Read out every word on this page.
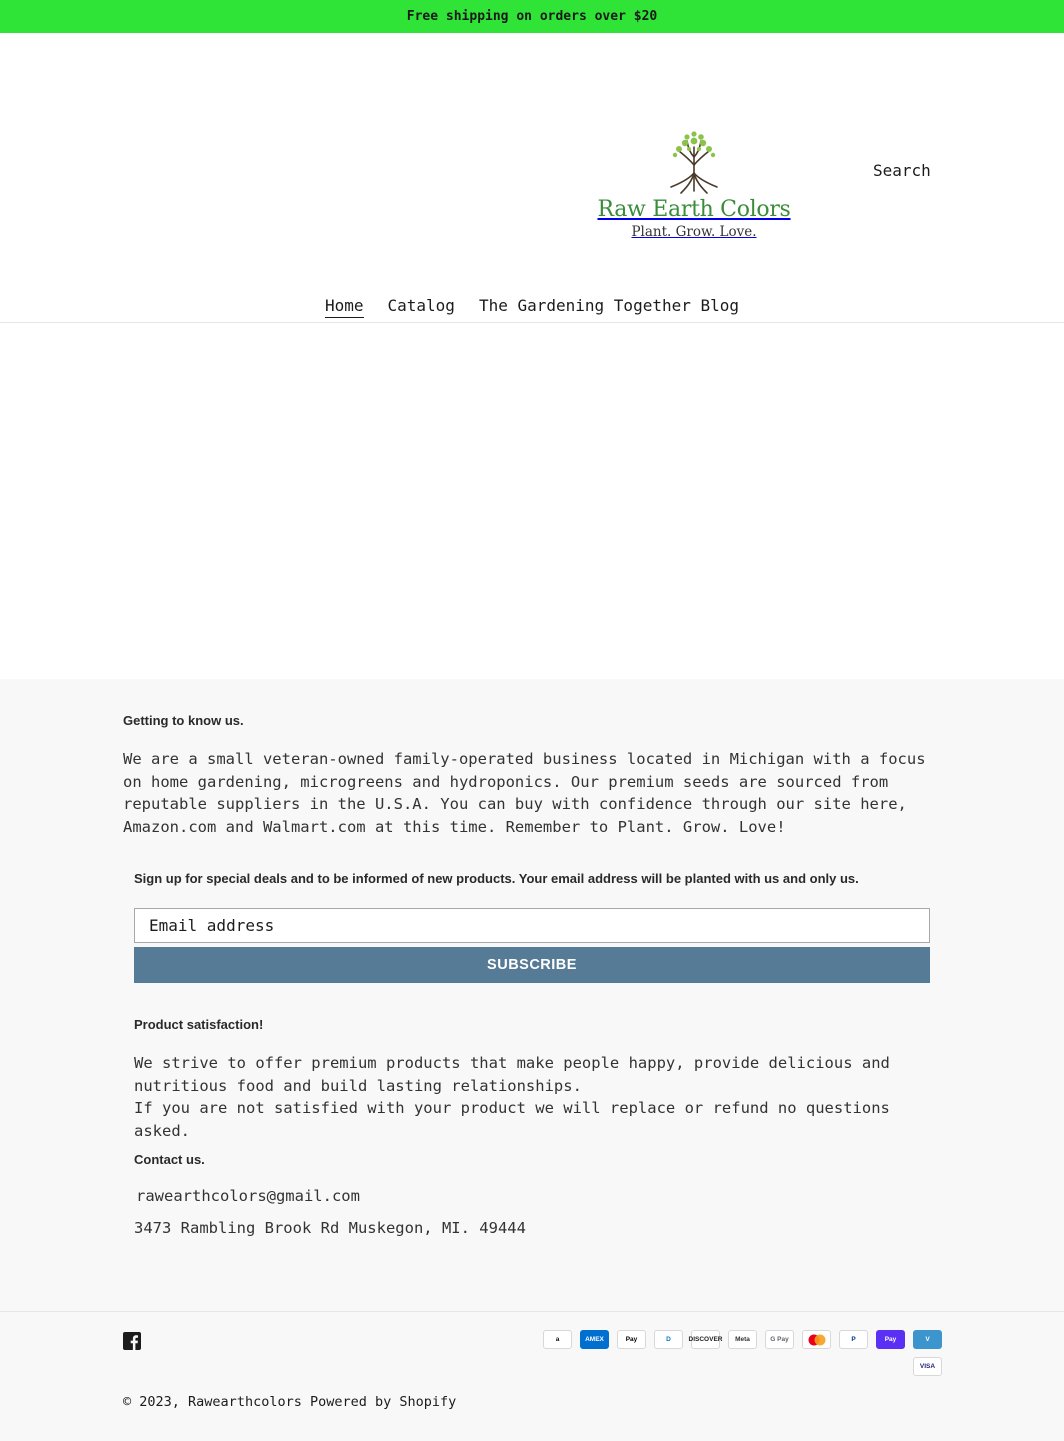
Free shipping on orders over $20
Raw Earth Colors
Plant. Grow. Love.
Search
Home Catalog The Gardening Together Blog
Getting to know us.

We are a small veteran-owned family-operated business located in Michigan with a focus on home gardening, microgreens and hydroponics. Our premium seeds are sourced from reputable suppliers in the U.S.A. You can buy with confidence through our site here, Amazon.com and Walmart.com at this time. Remember to Plant. Grow. Love!

Sign up for special deals and to be informed of new products. Your email address will be planted with us and only us.

Email address
SUBSCRIBE
Product satisfaction!

We strive to offer premium products that make people happy, provide delicious and nutritious food and build lasting relationships.
If you are not satisfied with your product we will replace or refund no questions asked.

Contact us.

rawearthcolors@gmail.com

3473 Rambling Brook Rd Muskegon, MI. 49444

a	AMEX	Pay	D	DISCOVER	Meta	G Pay	P	Pay	V
VISA

© 2023, Rawearthcolors Powered by Shopify
